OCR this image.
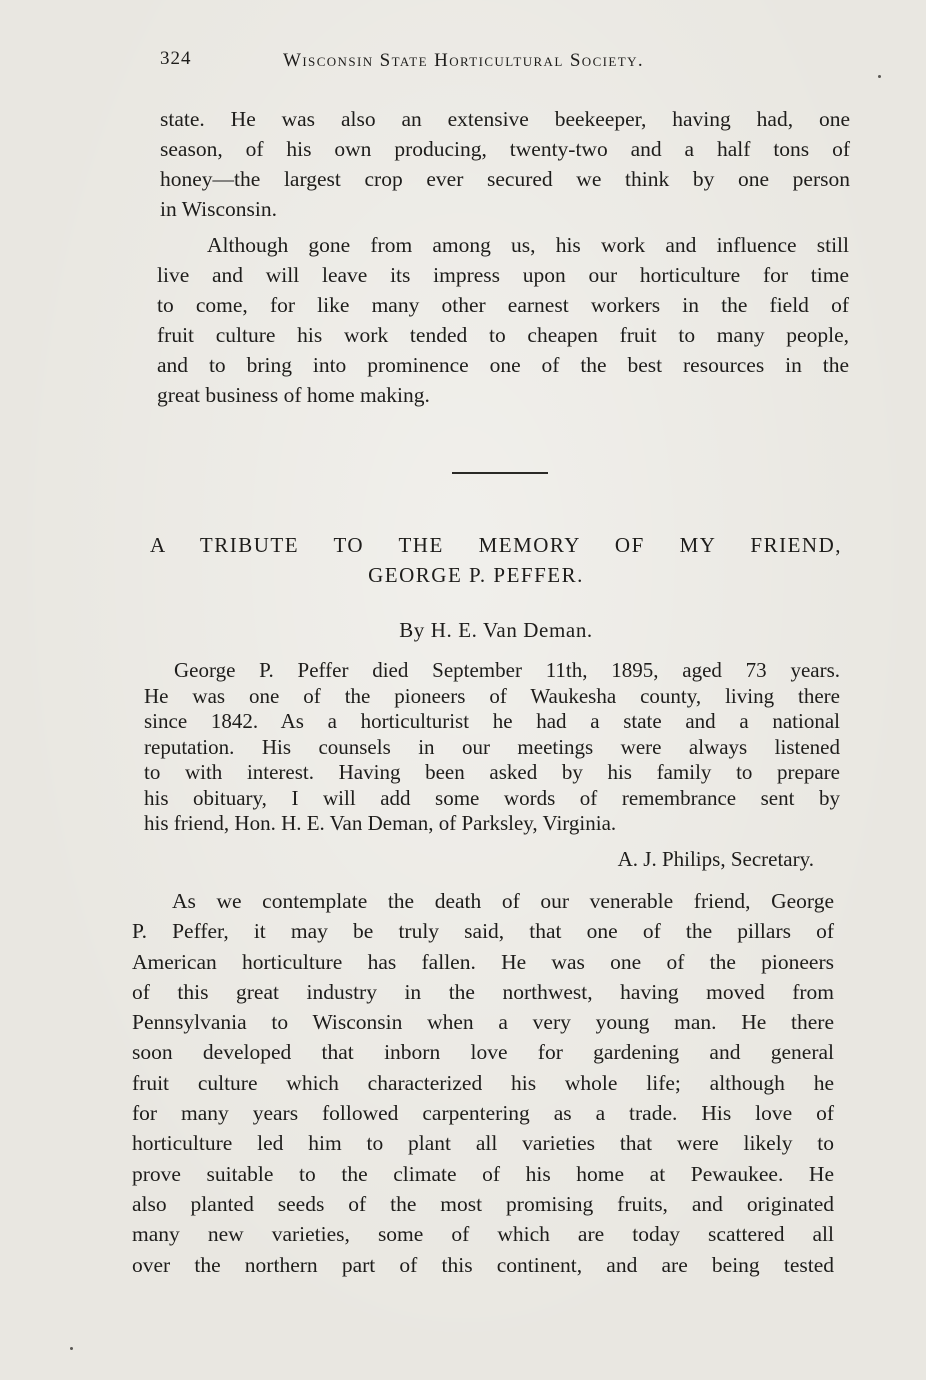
324	Wisconsin State Horticultural Society.
state. He was also an extensive beekeeper, having had, one
season, of his own producing, twenty-two and a half tons of
honey—the largest crop ever secured we think by one person
in Wisconsin.
Although gone from among us, his work and influence still
live and will leave its impress upon our horticulture for time
to come, for like many other earnest workers in the field of
fruit culture his work tended to cheapen fruit to many people,
and to bring into prominence one of the best resources in the
great business of home making.
A TRIBUTE TO THE MEMORY OF MY FRIEND,
GEORGE P. PEFFER.
By H. E. Van Deman.
George P. Peffer died September 11th, 1895, aged 73 years.
He was one of the pioneers of Waukesha county, living there
since 1842. As a horticulturist he had a state and a national
reputation. His counsels in our meetings were always listened
to with interest. Having been asked by his family to prepare
his obituary, I will add some words of remembrance sent by
his friend, Hon. H. E. Van Deman, of Parksley, Virginia.
A. J. Philips, Secretary.
As we contemplate the death of our venerable friend, George
P. Peffer, it may be truly said, that one of the pillars of
American horticulture has fallen. He was one of the pioneers
of this great industry in the northwest, having moved from
Pennsylvania to Wisconsin when a very young man. He there
soon developed that inborn love for gardening and general
fruit culture which characterized his whole life; although he
for many years followed carpentering as a trade. His love of
horticulture led him to plant all varieties that were likely to
prove suitable to the climate of his home at Pewaukee. He
also planted seeds of the most promising fruits, and originated
many new varieties, some of which are today scattered all
over the northern part of this continent, and are being tested
